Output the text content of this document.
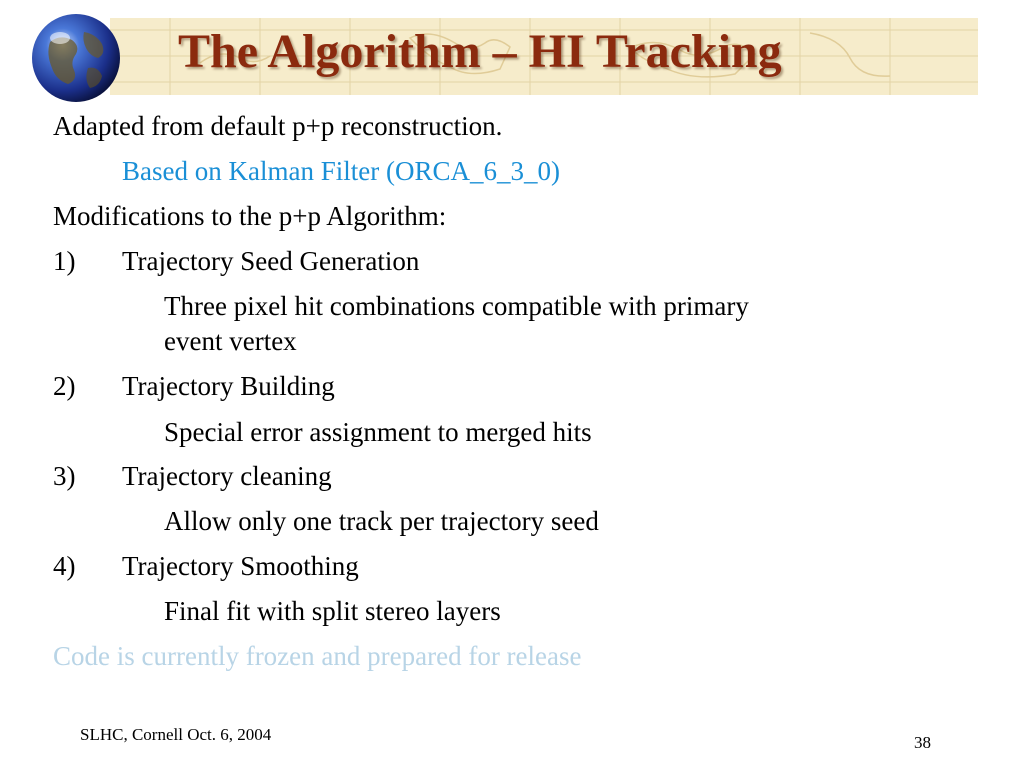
The Algorithm – HI Tracking
Adapted from default p+p reconstruction.
Based on Kalman Filter (ORCA_6_3_0)
Modifications to the p+p Algorithm:
1) Trajectory Seed Generation
Three pixel hit combinations compatible with primary
event vertex
2) Trajectory Building
Special error assignment to merged hits
3) Trajectory cleaning
Allow only one track per trajectory seed
4) Trajectory Smoothing
Final fit with split stereo layers
Code is currently frozen and prepared for release
SLHC, Cornell Oct. 6, 2004	38
